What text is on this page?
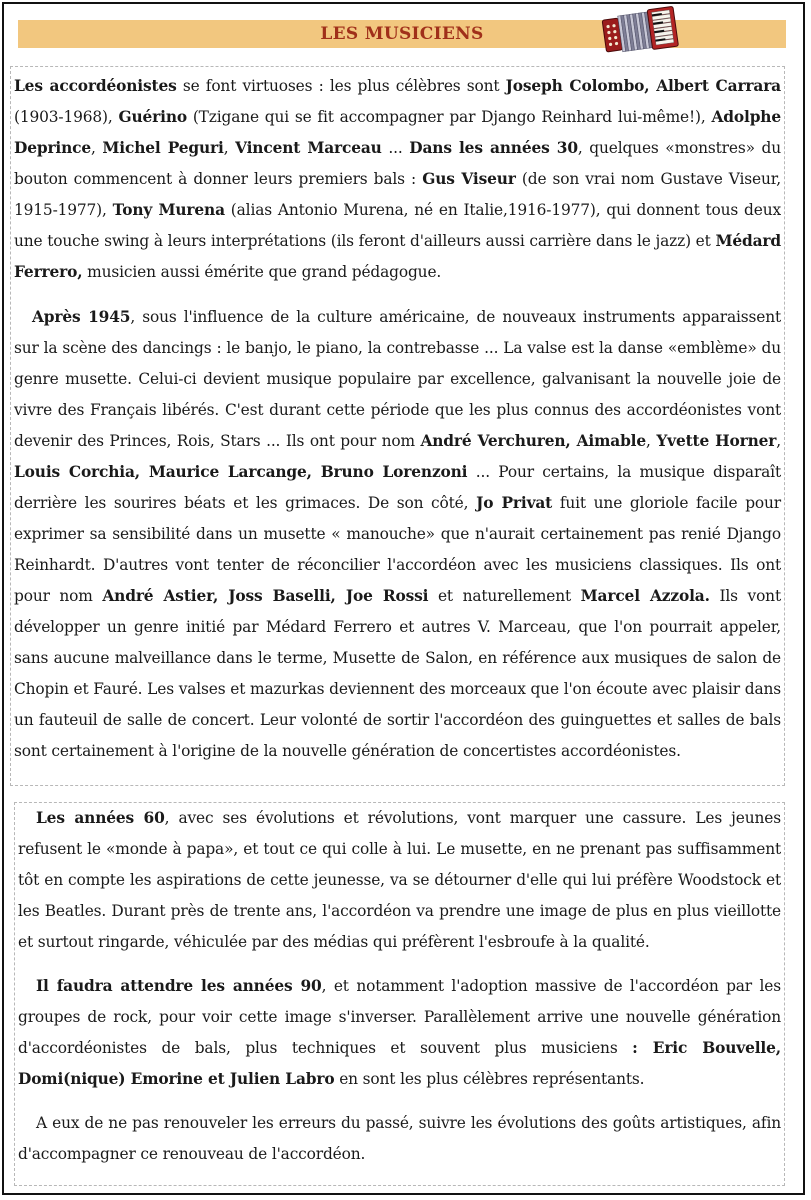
LES MUSICIENS

Les accordéonistes se font virtuoses : les plus célèbres sont Joseph Colombo, Albert Carrara (1903-1968), Guérino (Tzigane qui se fit accompagner par Django Reinhard lui-même!), Adolphe Deprince, Michel Peguri, Vincent Marceau ... Dans les années 30, quelques «monstres» du bouton commencent à donner leurs premiers bals : Gus Viseur (de son vrai nom Gustave Viseur, 1915-1977), Tony Murena (alias Antonio Murena, né en Italie,1916-1977), qui donnent tous deux une touche swing à leurs interprétations (ils feront d'ailleurs aussi carrière dans le jazz) et Médard Ferrero, musicien aussi émérite que grand pédagogue.

Après 1945, sous l'influence de la culture américaine, de nouveaux instruments apparaissent sur la scène des dancings : le banjo, le piano, la contrebasse ... La valse est la danse «emblème» du genre musette. Celui-ci devient musique populaire par excellence, galvanisant la nouvelle joie de vivre des Français libérés. C'est durant cette période que les plus connus des accordéonistes vont devenir des Princes, Rois, Stars ... Ils ont pour nom André Verchuren, Aimable, Yvette Horner, Louis Corchia, Maurice Larcange, Bruno Lorenzoni ... Pour certains, la musique disparaît derrière les sourires béats et les grimaces. De son côté, Jo Privat fuit une gloriole facile pour exprimer sa sensibilité dans un musette « manouche» que n'aurait certainement pas renié Django Reinhardt. D'autres vont tenter de réconcilier l'accordéon avec les musiciens classiques. Ils ont pour nom André Astier, Joss Baselli, Joe Rossi et naturellement Marcel Azzola. Ils vont développer un genre initié par Médard Ferrero et autres V. Marceau, que l'on pourrait appeler, sans aucune malveillance dans le terme, Musette de Salon, en référence aux musiques de salon de Chopin et Fauré. Les valses et mazurkas deviennent des morceaux que l'on écoute avec plaisir dans un fauteuil de salle de concert. Leur volonté de sortir l'accordéon des guinguettes et salles de bals sont certainement à l'origine de la nouvelle génération de concertistes accordéonistes.

Les années 60, avec ses évolutions et révolutions, vont marquer une cassure. Les jeunes refusent le «monde à papa», et tout ce qui colle à lui. Le musette, en ne prenant pas suffisamment tôt en compte les aspirations de cette jeunesse, va se détourner d'elle qui lui préfère Woodstock et les Beatles. Durant près de trente ans, l'accordéon va prendre une image de plus en plus vieillotte et surtout ringarde, véhiculée par des médias qui préfèrent l'esbroufe à la qualité.

Il faudra attendre les années 90, et notamment l'adoption massive de l'accordéon par les groupes de rock, pour voir cette image s'inverser. Parallèlement arrive une nouvelle génération d'accordéonistes de bals, plus techniques et souvent plus musiciens : Eric Bouvelle, Domi(nique) Emorine et Julien Labro en sont les plus célèbres représentants.

A eux de ne pas renouveler les erreurs du passé, suivre les évolutions des goûts artistiques, afin d'accompagner ce renouveau de l'accordéon.
